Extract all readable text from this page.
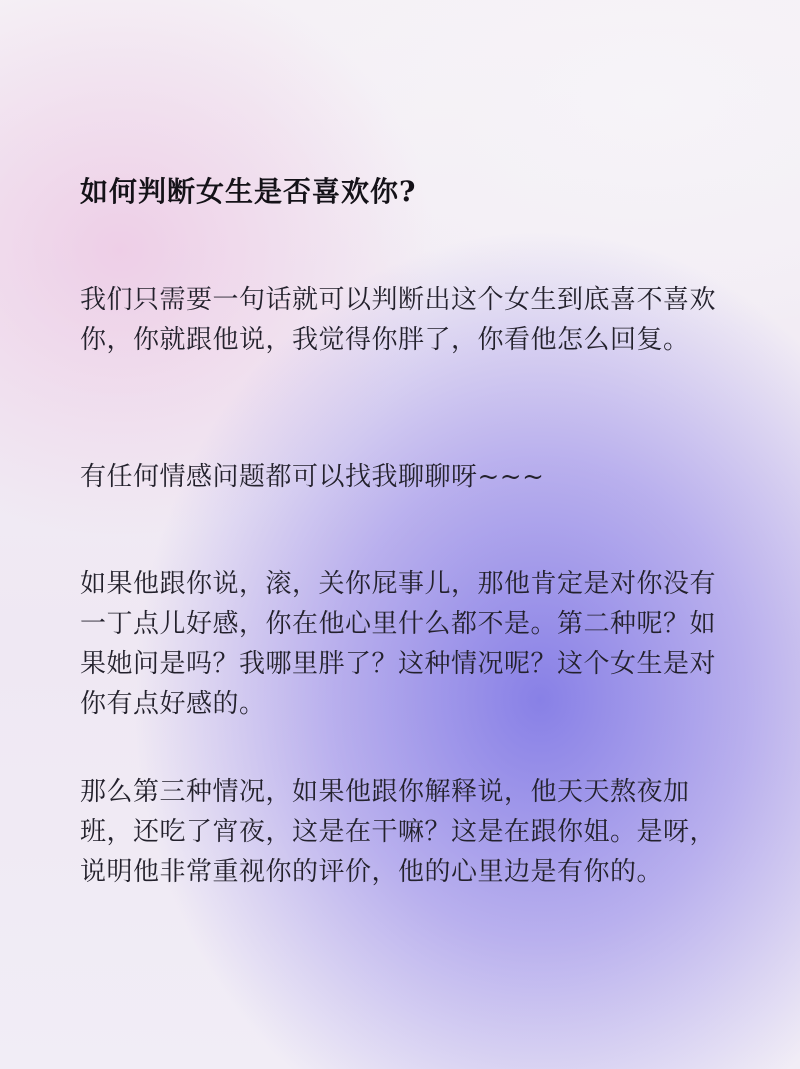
如何判断女生是否喜欢你?

我们只需要一句话就可以判断出这个女生到底喜不喜欢你，你就跟他说，我觉得你胖了，你看他怎么回复。

有任何情感问题都可以找我聊聊呀~~~

如果他跟你说，滚，关你屁事儿，那他肯定是对你没有一丁点儿好感，你在他心里什么都不是。第二种呢？如果她问是吗？我哪里胖了？这种情况呢？这个女生是对你有点好感的。

那么第三种情况，如果他跟你解释说，他天天熬夜加班，还吃了宵夜，这是在干嘛？这是在跟你姐。是呀，说明他非常重视你的评价，他的心里边是有你的。
